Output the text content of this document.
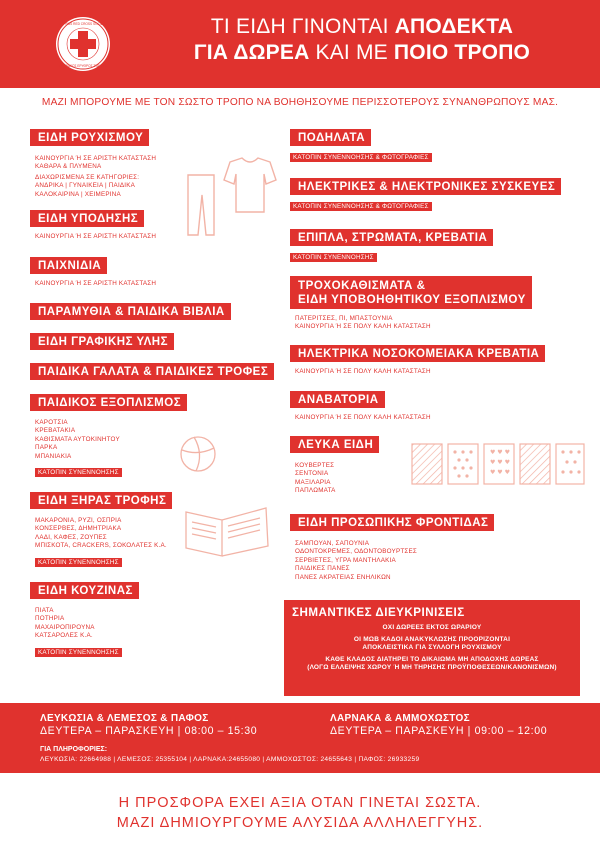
CYPRUS RED CROSS SOCIETY
ΚΥΠΡΙΑΚΟΣ ΕΡΥΘΡΟΣ ΣΤΑΥΡΟΣ
ΤΙ ΕΙΔΗ ΓΙΝΟΝΤΑΙ ΑΠΟΔΕΚΤΑ
ΓΙΑ ΔΩΡΕΑ ΚΑΙ ΜΕ ΠΟΙΟ ΤΡΟΠΟ
ΜΑΖΙ ΜΠΟΡΟΥΜΕ ΜΕ ΤΟΝ ΣΩΣΤΟ ΤΡΟΠΟ ΝΑ ΒΟΗΘΗΣΟΥΜΕ ΠΕΡΙΣΣΟΤΕΡΟΥΣ ΣΥΝΑΝΘΡΩΠΟΥΣ ΜΑΣ.
ΕΙΔΗ ΡΟΥΧΙΣΜΟΥ
ΚΑΙΝΟΥΡΓΙΑ Ή ΣΕ ΑΡΙΣΤΗ ΚΑΤΑΣΤΑΣΗ
ΚΑΘΑΡΑ & ΠΛΥΜΕΝΑ
ΔΙΑΧΩΡΙΣΜΕΝΑ ΣΕ ΚΑΤΗΓΟΡΙΕΣ:
ΑΝΔΡΙΚΑ | ΓΥΝΑΙΚΕΙΑ | ΠΑΙΔΙΚΑ
ΚΑΛΟΚΑΙΡΙΝΑ | ΧΕΙΜΕΡΙΝΑ
ΕΙΔΗ ΥΠΟΔΗΣΗΣ
ΚΑΙΝΟΥΡΓΙΑ Ή ΣΕ ΑΡΙΣΤΗ ΚΑΤΑΣΤΑΣΗ
ΠΑΙΧΝΙΔΙΑ
ΚΑΙΝΟΥΡΓΙΑ Ή ΣΕ ΑΡΙΣΤΗ ΚΑΤΑΣΤΑΣΗ
ΠΑΡΑΜΥΘΙΑ & ΠΑΙΔΙΚΑ ΒΙΒΛΙΑ
ΕΙΔΗ ΓΡΑΦΙΚΗΣ ΥΛΗΣ
ΠΑΙΔΙΚΑ ΓΑΛΑΤΑ & ΠΑΙΔΙΚΕΣ ΤΡΟΦΕΣ
ΠΑΙΔΙΚΟΣ ΕΞΟΠΛΙΣΜΟΣ
ΚΑΡΟΤΣΙΑ
ΚΡΕΒΑΤΑΚΙΑ
ΚΑΘΙΣΜΑΤΑ ΑΥΤΟΚΙΝΗΤΟΥ
ΠΑΡΚΑ
ΜΠΑΝΙΑΚΙΑ
ΚΑΤΟΠΙΝ ΣΥΝΕΝΝΟΗΣΗΣ
ΕΙΔΗ ΞΗΡΑΣ ΤΡΟΦΗΣ
ΜΑΚΑΡΟΝΙΑ, ΡΥΖΙ, ΟΣΠΡΙΑ
ΚΟΝΣΕΡΒΕΣ, ΔΗΜΗΤΡΙΑΚΑ
ΛΑΔΙ, ΚΑΦΕΣ, ΖΟΥΠΕΣ
ΜΠΙΣΚΟΤΑ, CRACKERS, ΣΟΚΟΛΑΤΕΣ Κ.Α.
ΚΑΤΟΠΙΝ ΣΥΝΕΝΝΟΗΣΗΣ
ΕΙΔΗ ΚΟΥΖΙΝΑΣ
ΠΙΑΤΑ
ΠΟΤΗΡΙΑ
ΜΑΧΑΙΡΟΠΙΡΟΥΝΑ
ΚΑΤΣΑΡΟΛΕΣ Κ.Α.
ΚΑΤΟΠΙΝ ΣΥΝΕΝΝΟΗΣΗΣ
ΠΟΔΗΛΑΤΑ
ΚΑΤΟΠΙΝ ΣΥΝΕΝΝΟΗΣΗΣ & ΦΩΤΟΓΡΑΦΙΕΣ
ΗΛΕΚΤΡΙΚΕΣ & ΗΛΕΚΤΡΟΝΙΚΕΣ ΣΥΣΚΕΥΕΣ
ΚΑΤΟΠΙΝ ΣΥΝΕΝΝΟΗΣΗΣ & ΦΩΤΟΓΡΑΦΙΕΣ
ΕΠΙΠΛΑ, ΣΤΡΩΜΑΤΑ, ΚΡΕΒΑΤΙΑ
ΚΑΤΟΠΙΝ ΣΥΝΕΝΝΟΗΣΗΣ
ΤΡΟΧΟΚΑΘΙΣΜΑΤΑ &
ΕΙΔΗ ΥΠΟΒΟΗΘΗΤΙΚΟΥ ΕΞΟΠΛΙΣΜΟΥ
ΠΑΤΕΡΙΤΣΕΣ, ΠΙ, ΜΠΑΣΤΟΥΝΙΑ
ΚΑΙΝΟΥΡΓΙΑ Ή ΣΕ ΠΟΛΥ ΚΑΛΗ ΚΑΤΑΣΤΑΣΗ
ΗΛΕΚΤΡΙΚΑ ΝΟΣΟΚΟΜΕΙΑΚΑ ΚΡΕΒΑΤΙΑ
ΚΑΙΝΟΥΡΓΙΑ Ή ΣΕ ΠΟΛΥ ΚΑΛΗ ΚΑΤΑΣΤΑΣΗ
ΑΝΑΒΑΤΟΡΙΑ
ΚΑΙΝΟΥΡΓΙΑ Ή ΣΕ ΠΟΛΥ ΚΑΛΗ ΚΑΤΑΣΤΑΣΗ
ΛΕΥΚΑ ΕΙΔΗ
ΚΟΥΒΕΡΤΕΣ
ΣΕΝΤΟΝΙΑ
ΜΑΞΙΛΑΡΙΑ
ΠΑΠΛΩΜΑΤΑ
ΕΙΔΗ ΠΡΟΣΩΠΙΚΗΣ ΦΡΟΝΤΙΔΑΣ
ΣΑΜΠΟΥΑΝ, ΣΑΠΟΥΝΙΑ
ΟΔΟΝΤΟΚΡΕΜΕΣ, ΟΔΟΝΤΟΒΟΥΡΤΣΕΣ
ΣΕΡΒΙΕΤΕΣ, ΥΓΡΑ ΜΑΝΤΗΛΑΚΙΑ
ΠΑΙΔΙΚΕΣ ΠΑΝΕΣ
ΠΑΝΕΣ ΑΚΡΑΤΕΙΑΣ ΕΝΗΛΙΚΩΝ
ΣΗΜΑΝΤΙΚΕΣ ΔΙΕΥΚΡΙΝΙΣΕΙΣ
ΟΧΙ ΔΩΡΕΕΣ ΕΚΤΟΣ ΩΡΑΡΙΟΥ
ΟΙ ΜΩΒ ΚΑΔΟΙ ΑΝΑΚΥΚΛΩΣΗΣ ΠΡΟΟΡΙΖΟΝΤΑΙ
ΑΠΟΚΛΕΙΣΤΙΚΑ ΓΙΑ ΣΥΛΛΟΓΗ ΡΟΥΧΙΣΜΟΥ
ΚΑΘΕ ΚΛΑΔΟΣ ΔΙΑΤΗΡΕΙ ΤΟ ΔΙΚΑΙΩΜΑ ΜΗ ΑΠΟΔΟΧΗΣ ΔΩΡΕΑΣ
(ΛΟΓΩ ΕΛΛΕΙΨΗΣ ΧΩΡΟΥ Ή ΜΗ ΤΗΡΗΣΗΣ ΠΡΟΫΠΟΘΕΣΕΩΝ/ΚΑΝΟΝΙΣΜΩΝ)
♥ ♥ ♥
♥ ♥ ♥
♥ ♥ ♥
ΛΕΥΚΩΣΙΑ & ΛΕΜΕΣΟΣ & ΠΑΦΟΣ
ΔΕΥΤΕΡΑ – ΠΑΡΑΣΚΕΥΗ | 08:00 – 15:30
ΛΑΡΝΑΚΑ & ΑΜΜΟΧΩΣΤΟΣ
ΔΕΥΤΕΡΑ – ΠΑΡΑΣΚΕΥΗ | 09:00 – 12:00
ΓΙΑ ΠΛΗΡΟΦΟΡΙΕΣ:
ΛΕΥΚΩΣΙΑ: 22664988 | ΛΕΜΕΣΟΣ: 25355104 | ΛΑΡΝΑΚΑ:24655080 | ΑΜΜΟΧΩΣΤΟΣ: 24655643 | ΠΑΦΟΣ: 26933259
Η ΠΡΟΣΦΟΡΑ ΕΧΕΙ ΑΞΙΑ ΟΤΑΝ ΓΙΝΕΤΑΙ ΣΩΣΤΑ.
ΜΑΖΙ ΔΗΜΙΟΥΡΓΟΥΜΕ ΑΛΥΣΙΔΑ ΑΛΛΗΛΕΓΓΥΗΣ.
